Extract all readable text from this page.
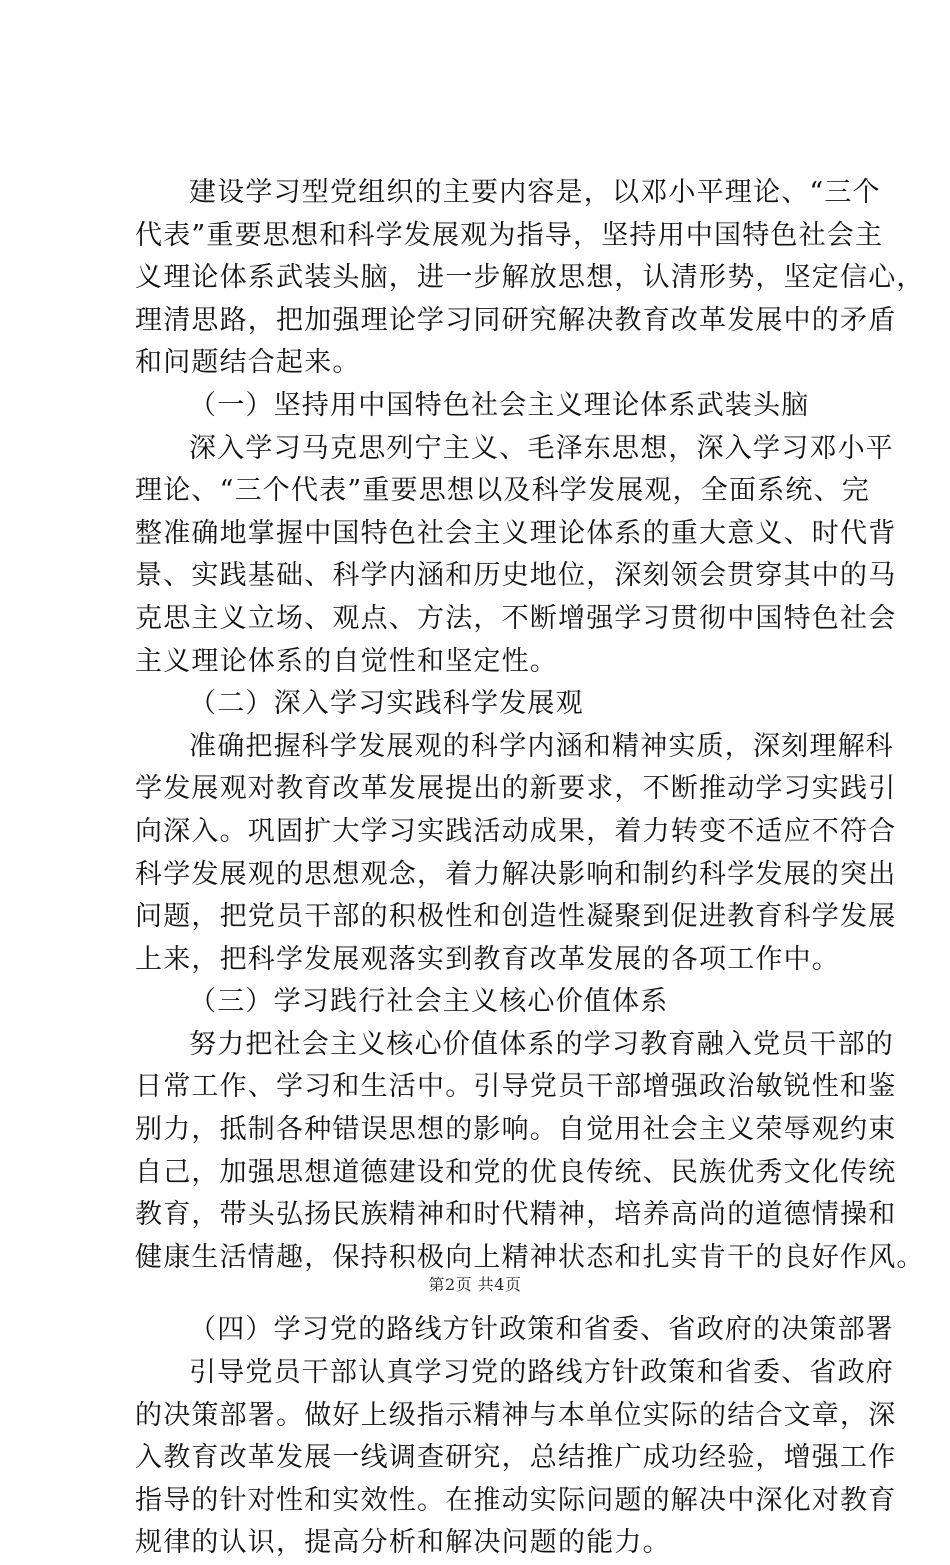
建设学习型党组织的主要内容是，以邓小平理论、“三个
代表”重要思想和科学发展观为指导，坚持用中国特色社会主
义理论体系武装头脑，进一步解放思想，认清形势，坚定信心，
理清思路，把加强理论学习同研究解决教育改革发展中的矛盾
和问题结合起来。
（一）坚持用中国特色社会主义理论体系武装头脑
深入学习马克思列宁主义、毛泽东思想，深入学习邓小平
理论、“三个代表”重要思想以及科学发展观，全面系统、完
整准确地掌握中国特色社会主义理论体系的重大意义、时代背
景、实践基础、科学内涵和历史地位，深刻领会贯穿其中的马
克思主义立场、观点、方法，不断增强学习贯彻中国特色社会
主义理论体系的自觉性和坚定性。
（二）深入学习实践科学发展观
准确把握科学发展观的科学内涵和精神实质，深刻理解科
学发展观对教育改革发展提出的新要求，不断推动学习实践引
向深入。巩固扩大学习实践活动成果，着力转变不适应不符合
科学发展观的思想观念，着力解决影响和制约科学发展的突出
问题，把党员干部的积极性和创造性凝聚到促进教育科学发展
上来，把科学发展观落实到教育改革发展的各项工作中。
（三）学习践行社会主义核心价值体系
努力把社会主义核心价值体系的学习教育融入党员干部的
日常工作、学习和生活中。引导党员干部增强政治敏锐性和鉴
别力，抵制各种错误思想的影响。自觉用社会主义荣辱观约束
自己，加强思想道德建设和党的优良传统、民族优秀文化传统
教育，带头弘扬民族精神和时代精神，培养高尚的道德情操和
健康生活情趣，保持积极向上精神状态和扎实肯干的良好作风。
（四）学习党的路线方针政策和省委、省政府的决策部署
引导党员干部认真学习党的路线方针政策和省委、省政府
的决策部署。做好上级指示精神与本单位实际的结合文章，深
入教育改革发展一线调查研究，总结推广成功经验，增强工作
指导的针对性和实效性。在推动实际问题的解决中深化对教育
规律的认识，提高分析和解决问题的能力。
第2页 共4页
